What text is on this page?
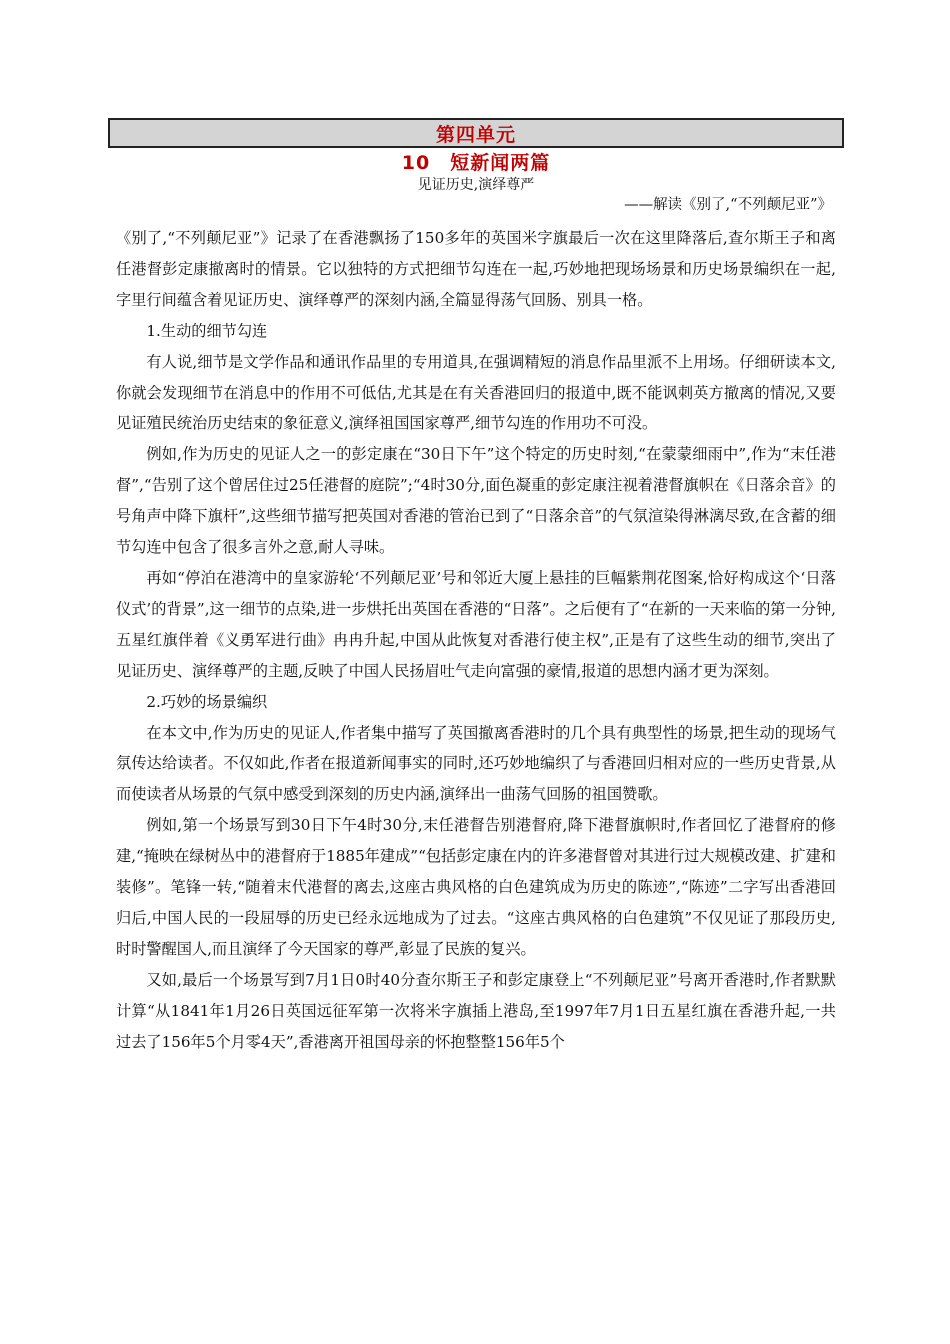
第四单元
10　短新闻两篇
见证历史,演绎尊严
——解读《别了,“不列颠尼亚”》

《别了,“不列颠尼亚”》记录了在香港飘扬了150多年的英国米字旗最后一次在这里降落后,查尔斯王子和离任港督彭定康撤离时的情景。它以独特的方式把细节勾连在一起,巧妙地把现场场景和历史场景编织在一起,字里行间蕴含着见证历史、演绎尊严的深刻内涵,全篇显得荡气回肠、别具一格。

1.生动的细节勾连

有人说,细节是文学作品和通讯作品里的专用道具,在强调精短的消息作品里派不上用场。仔细研读本文,你就会发现细节在消息中的作用不可低估,尤其是在有关香港回归的报道中,既不能讽刺英方撤离的情况,又要见证殖民统治历史结束的象征意义,演绎祖国国家尊严,细节勾连的作用功不可没。

例如,作为历史的见证人之一的彭定康在“30日下午”这个特定的历史时刻,“在蒙蒙细雨中”,作为“末任港督”,“告别了这个曾居住过25任港督的庭院”;“4时30分,面色凝重的彭定康注视着港督旗帜在《日落余音》的号角声中降下旗杆”,这些细节描写把英国对香港的管治已到了“日落余音”的气氛渲染得淋漓尽致,在含蓄的细节勾连中包含了很多言外之意,耐人寻味。

再如“停泊在港湾中的皇家游轮‘不列颠尼亚’号和邻近大厦上悬挂的巨幅紫荆花图案,恰好构成这个‘日落仪式’的背景”,这一细节的点染,进一步烘托出英国在香港的“日落”。之后便有了“在新的一天来临的第一分钟,五星红旗伴着《义勇军进行曲》冉冉升起,中国从此恢复对香港行使主权”,正是有了这些生动的细节,突出了见证历史、演绎尊严的主题,反映了中国人民扬眉吐气走向富强的豪情,报道的思想内涵才更为深刻。

2.巧妙的场景编织

在本文中,作为历史的见证人,作者集中描写了英国撤离香港时的几个具有典型性的场景,把生动的现场气氛传达给读者。不仅如此,作者在报道新闻事实的同时,还巧妙地编织了与香港回归相对应的一些历史背景,从而使读者从场景的气氛中感受到深刻的历史内涵,演绎出一曲荡气回肠的祖国赞歌。

例如,第一个场景写到30日下午4时30分,末任港督告别港督府,降下港督旗帜时,作者回忆了港督府的修建,“掩映在绿树丛中的港督府于1885年建成”“包括彭定康在内的许多港督曾对其进行过大规模改建、扩建和装修”。笔锋一转,“随着末代港督的离去,这座古典风格的白色建筑成为历史的陈迹”,“陈迹”二字写出香港回归后,中国人民的一段屈辱的历史已经永远地成为了过去。“这座古典风格的白色建筑”不仅见证了那段历史,时时警醒国人,而且演绎了今天国家的尊严,彰显了民族的复兴。

又如,最后一个场景写到7月1日0时40分查尔斯王子和彭定康登上“不列颠尼亚”号离开香港时,作者默默计算“从1841年1月26日英国远征军第一次将米字旗插上港岛,至1997年7月1日五星红旗在香港升起,一共过去了156年5个月零4天”,香港离开祖国母亲的怀抱整整156年5个
